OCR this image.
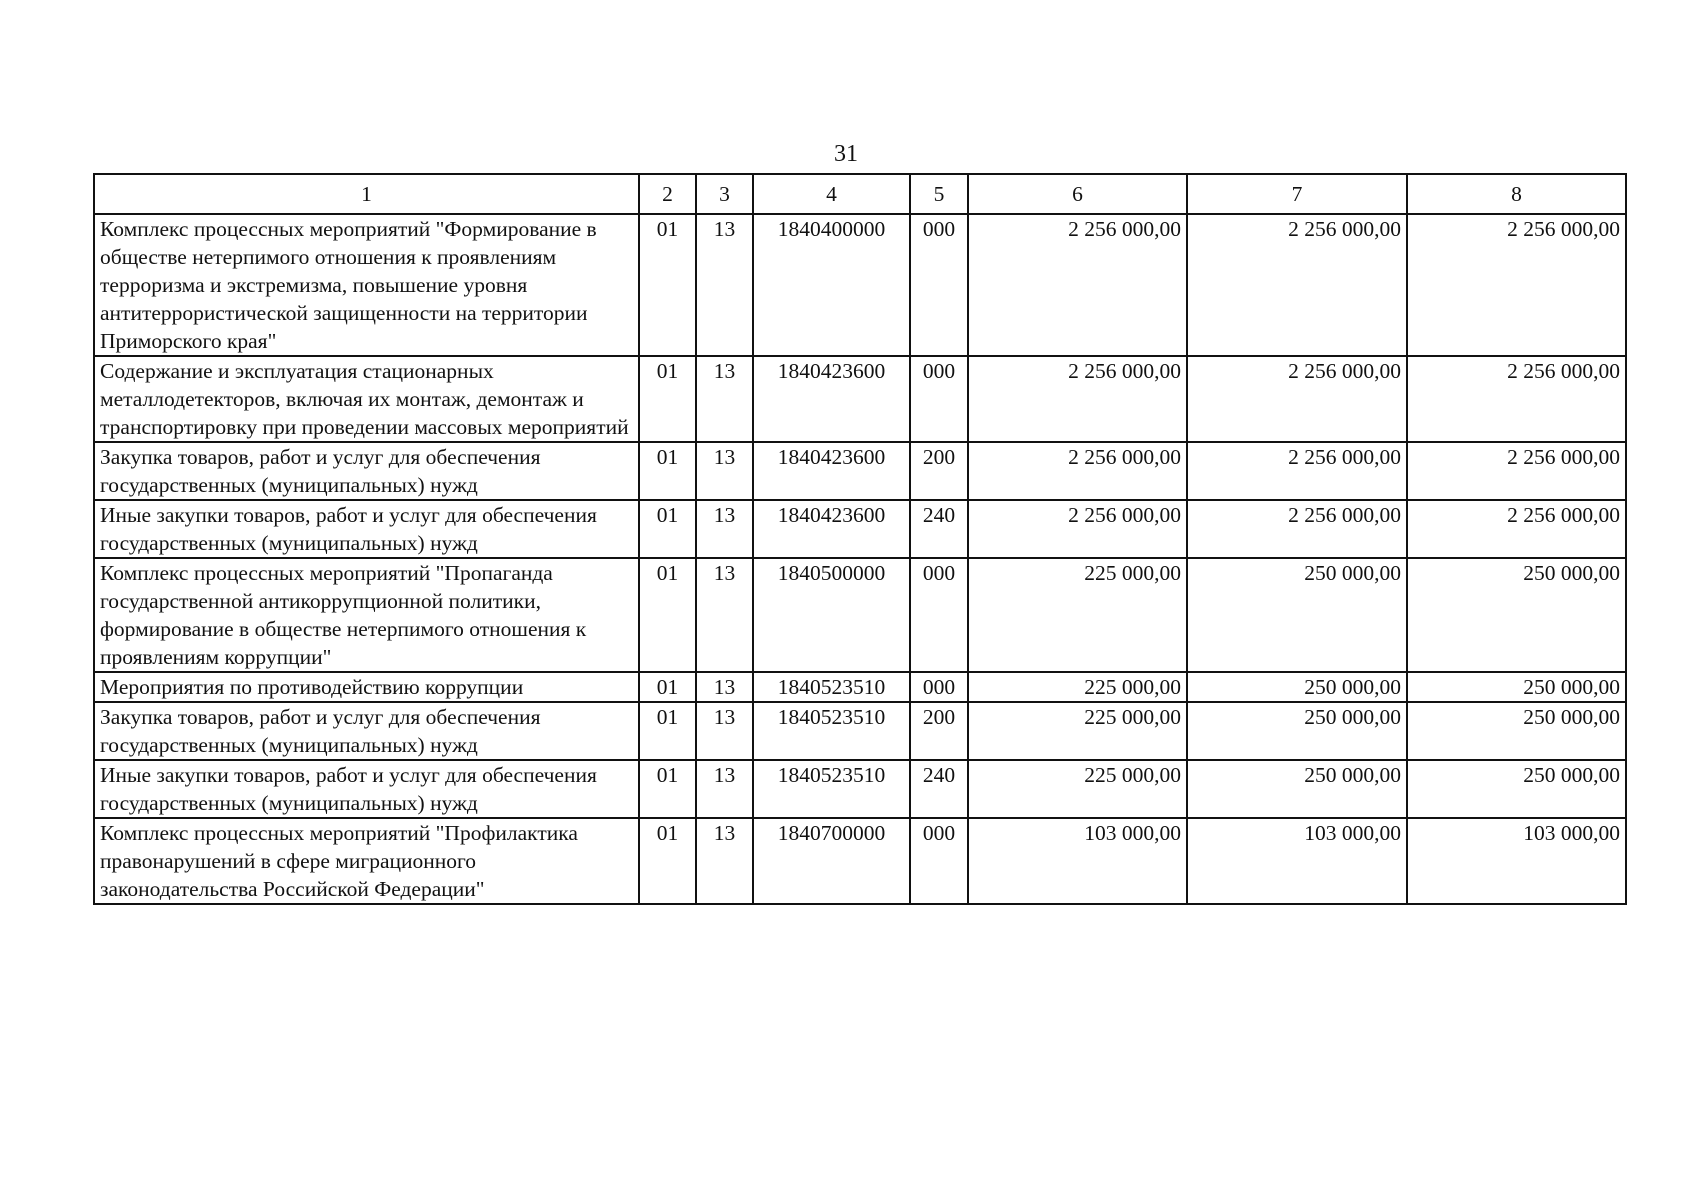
31
1	2	3	4	5	6	7	8
Комплекс процессных мероприятий "Формирование в обществе нетерпимого отношения к проявлениям терроризма и экстремизма, повышение уровня антитеррористической защищенности на территории Приморского края"	01	13	1840400000	000	2 256 000,00	2 256 000,00	2 256 000,00
Содержание и эксплуатация стационарных металлодетекторов, включая их монтаж, демонтаж и транспортировку при проведении массовых мероприятий	01	13	1840423600	000	2 256 000,00	2 256 000,00	2 256 000,00
Закупка товаров, работ и услуг для обеспечения государственных (муниципальных) нужд	01	13	1840423600	200	2 256 000,00	2 256 000,00	2 256 000,00
Иные закупки товаров, работ и услуг для обеспечения государственных (муниципальных) нужд	01	13	1840423600	240	2 256 000,00	2 256 000,00	2 256 000,00
Комплекс процессных мероприятий "Пропаганда государственной антикоррупционной политики, формирование в обществе нетерпимого отношения к проявлениям коррупции"	01	13	1840500000	000	225 000,00	250 000,00	250 000,00
Мероприятия по противодействию коррупции	01	13	1840523510	000	225 000,00	250 000,00	250 000,00
Закупка товаров, работ и услуг для обеспечения государственных (муниципальных) нужд	01	13	1840523510	200	225 000,00	250 000,00	250 000,00
Иные закупки товаров, работ и услуг для обеспечения государственных (муниципальных) нужд	01	13	1840523510	240	225 000,00	250 000,00	250 000,00
Комплекс процессных мероприятий "Профилактика правонарушений в сфере миграционного законодательства Российской Федерации"	01	13	1840700000	000	103 000,00	103 000,00	103 000,00
